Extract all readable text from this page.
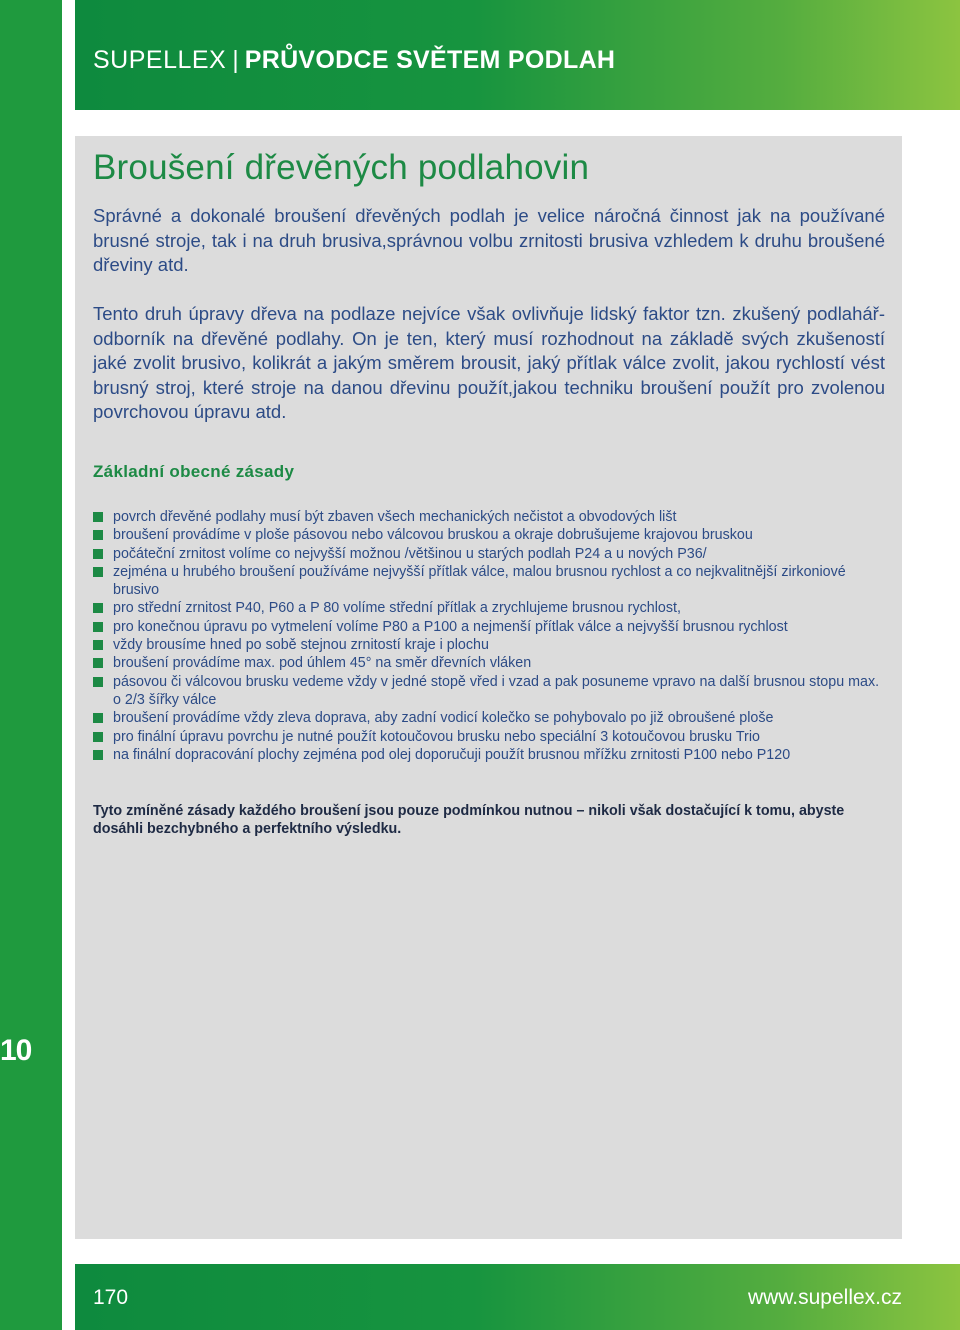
10
SUPELLEX | PRŮVODCE SVĚTEM PODLAH
Broušení dřevěných podlahovin

Správné a dokonalé broušení dřevěných podlah je velice náročná činnost jak na používané brusné stroje, tak i na druh brusiva,správnou volbu zrnitosti brusiva vzhledem k druhu broušené dřeviny atd.

Tento druh úpravy dřeva na podlaze nejvíce však ovlivňuje lidský faktor tzn. zkušený podlahář-odborník na dřevěné podlahy. On je ten, který musí rozhodnout na základě svých zkušeností jaké zvolit brusivo, kolikrát a jakým směrem brousit, jaký přítlak válce zvolit, jakou rychlostí vést brusný stroj, které stroje na danou dřevinu použít,jakou techniku broušení použít pro zvolenou povrchovou úpravu atd.

Základní obecné zásady
povrch dřevěné podlahy musí být zbaven všech mechanických nečistot a obvodových lišt
broušení provádíme v ploše pásovou nebo válcovou bruskou a okraje dobrušujeme krajovou bruskou
počáteční zrnitost volíme co nejvyšší možnou /většinou u starých podlah P24 a u nových P36/
zejména u hrubého broušení používáme nejvyšší přítlak válce, malou brusnou rychlost a co nejkvalitnější zirkoniové brusivo
pro střední zrnitost P40, P60 a P 80 volíme střední přítlak a zrychlujeme brusnou rychlost,
pro konečnou úpravu po vytmelení volíme P80 a P100 a nejmenší přítlak válce a nejvyšší brusnou rychlost
vždy brousíme hned po sobě stejnou zrnitostí kraje i plochu
broušení provádíme max. pod úhlem 45° na směr dřevních vláken
pásovou či válcovou brusku vedeme vždy v jedné stopě vřed i vzad a pak posuneme vpravo na další brusnou stopu max. o 2/3 šířky válce
broušení provádíme vždy zleva doprava, aby zadní vodicí kolečko se pohybovalo po již obroušené ploše
pro finální úpravu povrchu je nutné použít kotoučovou brusku nebo speciální 3 kotoučovou brusku Trio
na finální dopracování plochy zejména pod olej doporučuji použít brusnou mřížku zrnitosti P100 nebo P120

Tyto zmíněné zásady každého broušení jsou pouze podmínkou nutnou – nikoli však dostačující k tomu, abyste dosáhli bezchybného a perfektního výsledku.

170	www.supellex.cz
